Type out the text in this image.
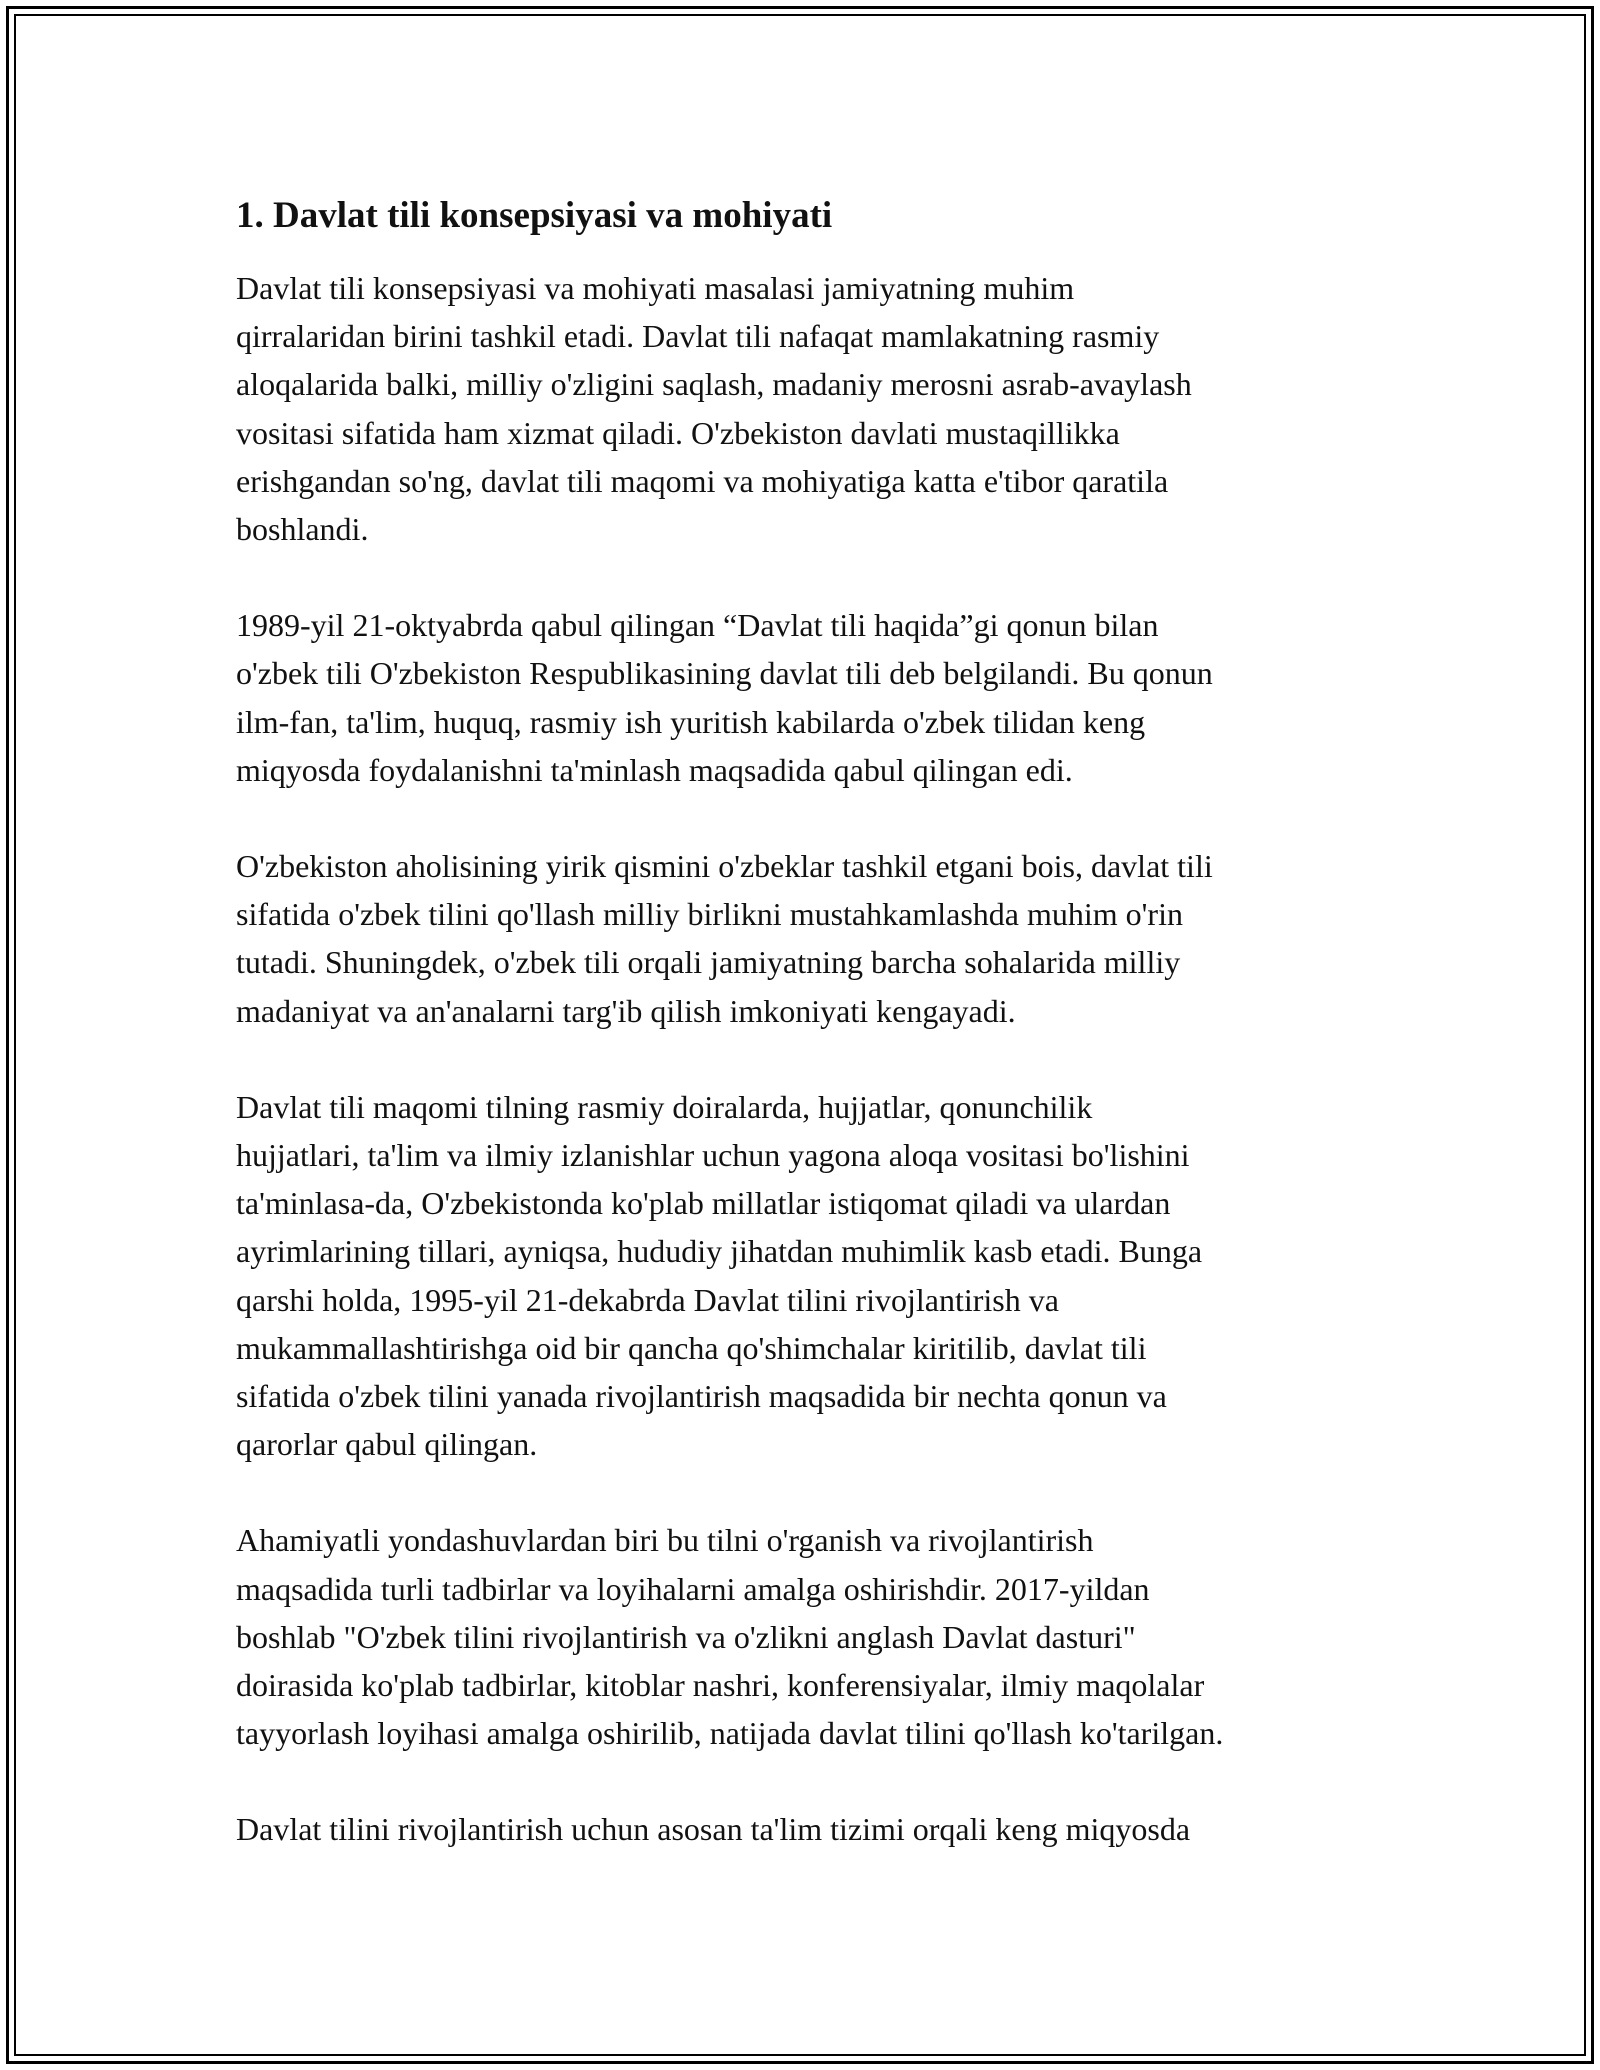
1. Davlat tili konsepsiyasi va mohiyati

Davlat tili konsepsiyasi va mohiyati masalasi jamiyatning muhim
qirralaridan birini tashkil etadi. Davlat tili nafaqat mamlakatning rasmiy
aloqalarida balki, milliy o'zligini saqlash, madaniy merosni asrab-avaylash
vositasi sifatida ham xizmat qiladi. O'zbekiston davlati mustaqillikka
erishgandan so'ng, davlat tili maqomi va mohiyatiga katta e'tibor qaratila
boshlandi.

1989-yil 21-oktyabrda qabul qilingan “Davlat tili haqida”gi qonun bilan
o'zbek tili O'zbekiston Respublikasining davlat tili deb belgilandi. Bu qonun
ilm-fan, ta'lim, huquq, rasmiy ish yuritish kabilarda o'zbek tilidan keng
miqyosda foydalanishni ta'minlash maqsadida qabul qilingan edi.

O'zbekiston aholisining yirik qismini o'zbeklar tashkil etgani bois, davlat tili
sifatida o'zbek tilini qo'llash milliy birlikni mustahkamlashda muhim o'rin
tutadi. Shuningdek, o'zbek tili orqali jamiyatning barcha sohalarida milliy
madaniyat va an'analarni targ'ib qilish imkoniyati kengayadi.

Davlat tili maqomi tilning rasmiy doiralarda, hujjatlar, qonunchilik
hujjatlari, ta'lim va ilmiy izlanishlar uchun yagona aloqa vositasi bo'lishini
ta'minlasa-da, O'zbekistonda ko'plab millatlar istiqomat qiladi va ulardan
ayrimlarining tillari, ayniqsa, hududiy jihatdan muhimlik kasb etadi. Bunga
qarshi holda, 1995-yil 21-dekabrda Davlat tilini rivojlantirish va
mukammallashtirishga oid bir qancha qo'shimchalar kiritilib, davlat tili
sifatida o'zbek tilini yanada rivojlantirish maqsadida bir nechta qonun va
qarorlar qabul qilingan.

Ahamiyatli yondashuvlardan biri bu tilni o'rganish va rivojlantirish
maqsadida turli tadbirlar va loyihalarni amalga oshirishdir. 2017-yildan
boshlab "O'zbek tilini rivojlantirish va o'zlikni anglash Davlat dasturi"
doirasida ko'plab tadbirlar, kitoblar nashri, konferensiyalar, ilmiy maqolalar
tayyorlash loyihasi amalga oshirilib, natijada davlat tilini qo'llash ko'tarilgan.

Davlat tilini rivojlantirish uchun asosan ta'lim tizimi orqali keng miqyosda
